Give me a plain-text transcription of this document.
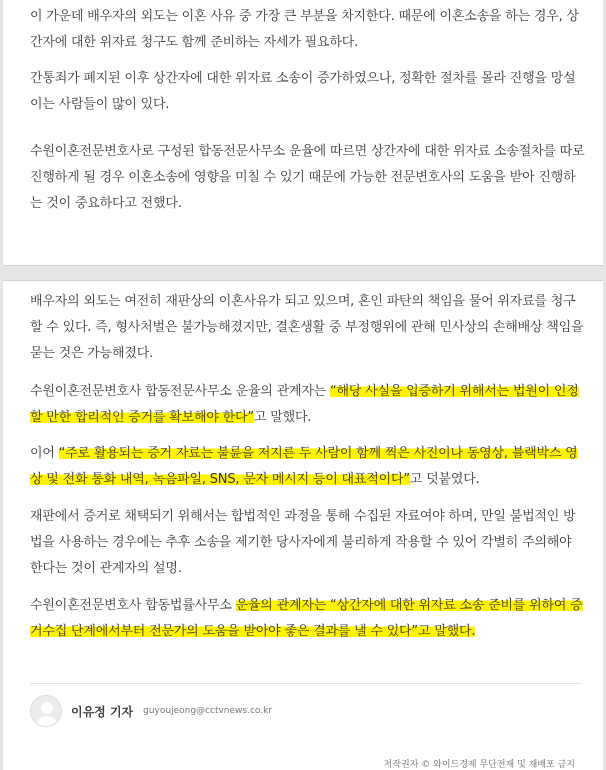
이 가운데 배우자의 외도는 이혼 사유 중 가장 큰 부분을 차지한다. 때문에 이혼소송을 하는 경우, 상
간자에 대한 위자료 청구도 함께 준비하는 자세가 필요하다.

간통죄가 폐지된 이후 상간자에 대한 위자료 소송이 증가하였으나, 정확한 절차를 몰라 진행을 망설
이는 사람들이 많이 있다.

수원이혼전문변호사로 구성된 합동전문사무소 운율에 따르면 상간자에 대한 위자료 소송절차를 따로
진행하게 될 경우 이혼소송에 영향을 미칠 수 있기 때문에 가능한 전문변호사의 도움을 받아 진행하
는 것이 중요하다고 전했다.

배우자의 외도는 여전히 재판상의 이혼사유가 되고 있으며, 혼인 파탄의 책임을 물어 위자료를 청구
할 수 있다. 즉, 형사처벌은 불가능해졌지만, 결혼생활 중 부정행위에 관해 민사상의 손해배상 책임을
묻는 것은 가능해졌다.

수원이혼전문변호사 합동전문사무소 운율의 관계자는 “해당 사실을 입증하기 위해서는 법원이 인정
할 만한 합리적인 증거를 확보해야 한다”고 말했다.

이어 “주로 활용되는 증거 자료는 불륜을 저지른 두 사람이 함께 찍은 사진이나 동영상, 블랙박스 영
상 및 전화 통화 내역, 녹음파일, SNS, 문자 메시지 등이 대표적이다”고 덧붙였다.

재판에서 증거로 채택되기 위해서는 합법적인 과정을 통해 수집된 자료여야 하며, 만일 불법적인 방
법을 사용하는 경우에는 추후 소송을 제기한 당사자에게 불리하게 작용할 수 있어 각별히 주의해야
한다는 것이 관계자의 설명.

수원이혼전문변호사 합동법률사무소 운율의 관계자는 “상간자에 대한 위자료 소송 준비를 위하여 증
거수집 단계에서부터 전문가의 도움을 받아야 좋은 결과를 낼 수 있다”고 말했다.

이유정 기자 guyoujeong@cctvnews.co.kr
저작권자 © 와이드경제 무단전재 및 재배포 금지
